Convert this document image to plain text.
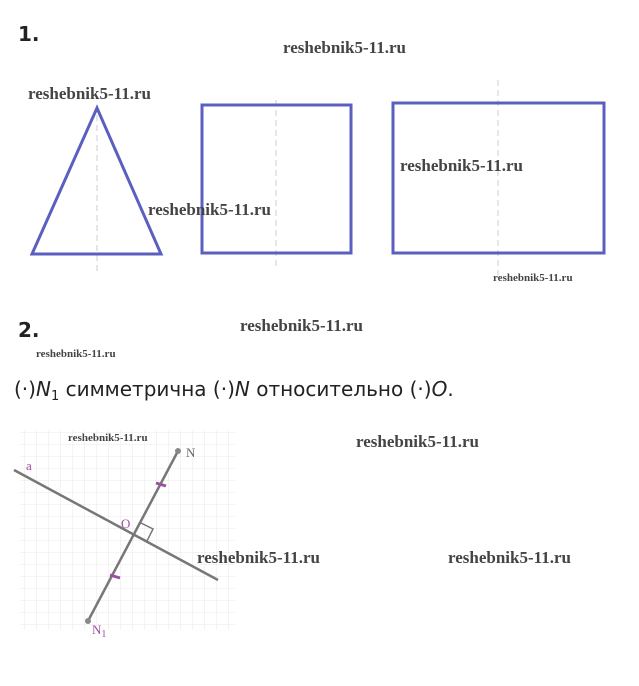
1.
reshebnik5-11.ru
reshebnik5-11.ru
reshebnik5-11.ru
reshebnik5-11.ru
reshebnik5-11.ru
2.	reshebnik5-11.ru
reshebnik5-11.ru
$(\cdot)N_1$ симметрична (·)N относительно (·)O.
reshebnik5-11.ru
a
N
O
$N_1$
reshebnik5-11.ru	reshebnik5-11.ru
